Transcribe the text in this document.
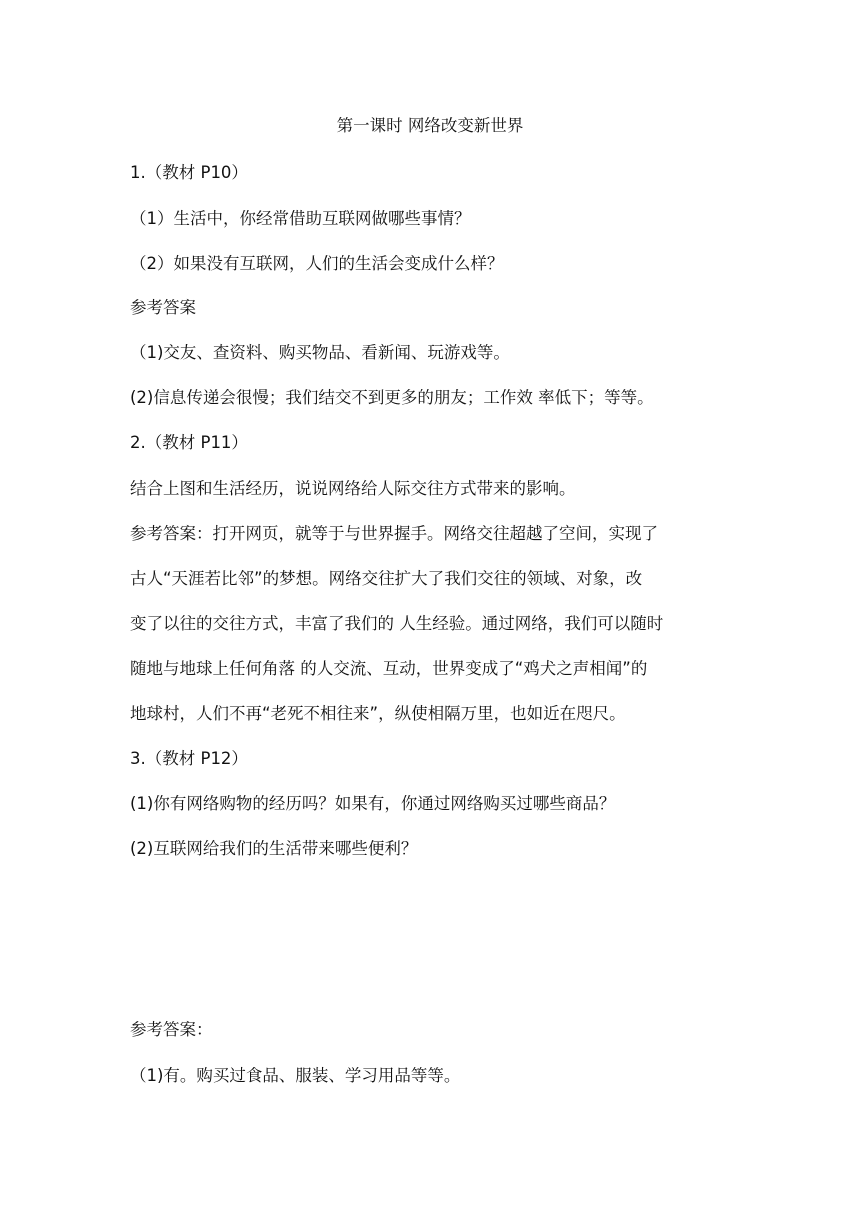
第一课时 网络改变新世界
1.（教材 P10）
（1）生活中，你经常借助互联网做哪些事情？
（2）如果没有互联网，人们的生活会变成什么样？
参考答案
（1)交友、查资料、购买物品、看新闻、玩游戏等。
(2)信息传递会很慢；我们结交不到更多的朋友；工作效 率低下；等等。
2.（教材 P11）
结合上图和生活经历，说说网络给人际交往方式带来的影响。
参考答案：打开网页，就等于与世界握手。网络交往超越了空间，实现了
古人“天涯若比邻”的梦想。网络交往扩大了我们交往的领域、对象，改
变了以往的交往方式，丰富了我们的 人生经验。通过网络，我们可以随时
随地与地球上任何角落 的人交流、互动，世界变成了“鸡犬之声相闻”的
地球村，人们不再“老死不相往来”，纵使相隔万里，也如近在咫尺。
3.（教材 P12）
(1)你有网络购物的经历吗？如果有，你通过网络购买过哪些商品？
(2)互联网给我们的生活带来哪些便利？
参考答案：
（1)有。购买过食品、服装、学习用品等等。
